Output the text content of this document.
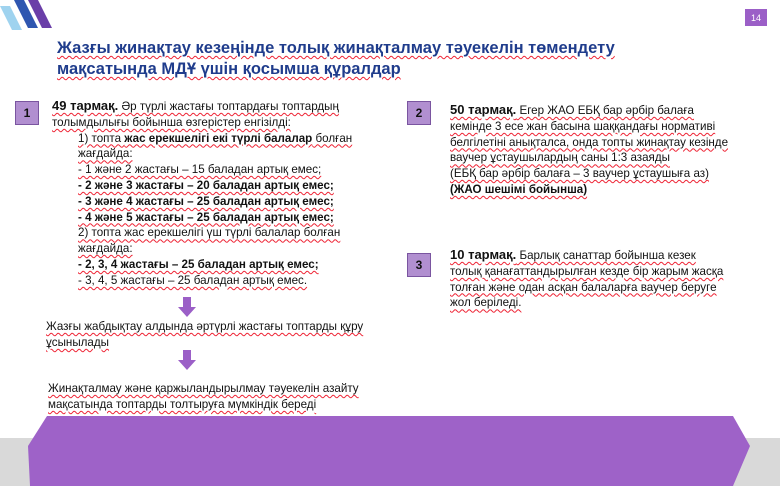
14
Жазғы жинақтау кезеңінде толық жинақталмау тәуекелін төмендету
мақсатында МДҰ үшін қосымша құралдар
1	49 тармақ. Әр түрлі жастағы топтардағы топтардың
толымдылығы бойынша өзгерістер енгізілді:
1) топта жас ерекшелігі екі түрлі балалар болған
жағдайда:
- 1 және 2 жастағы – 15 баладан артық емес;
- 2 және 3 жастағы – 20 баладан артық емес;
- 3 және 4 жастағы – 25 баладан артық емес;
- 4 және 5 жастағы – 25 баладан артық емес;
2) топта жас ерекшелігі үш түрлі балалар болған
жағдайда:
- 2, 3, 4 жастағы – 25 баладан артық емес;
- 3, 4, 5 жастағы – 25 баладан артық емес.
Жазғы жабдықтау алдында әртүрлі жастағы топтарды құру
ұсынылады
Жинақталмау және қаржыландырылмау тәуекелін азайту
мақсатында топтарды толтыруға мүмкіндік береді
2	50 тармақ. Егер ЖАО ЕБҚ бар әрбір балаға
кемінде 3 есе жан басына шаққандағы нормативі
белгілетіні анықталса, онда топты жинақтау кезінде
ваучер ұстаушылардың саны 1:3 азаяды
(ЕБҚ бар әрбір балаға – 3 ваучер ұстаушыға аз)
(ЖАО шешімі бойынша)
3
10 тармақ. Барлық санаттар бойынша кезек
толық қанағаттандырылған кезде бір жарым жасқа
толған және одан асқан балаларға ваучер беруге
жол беріледі.
